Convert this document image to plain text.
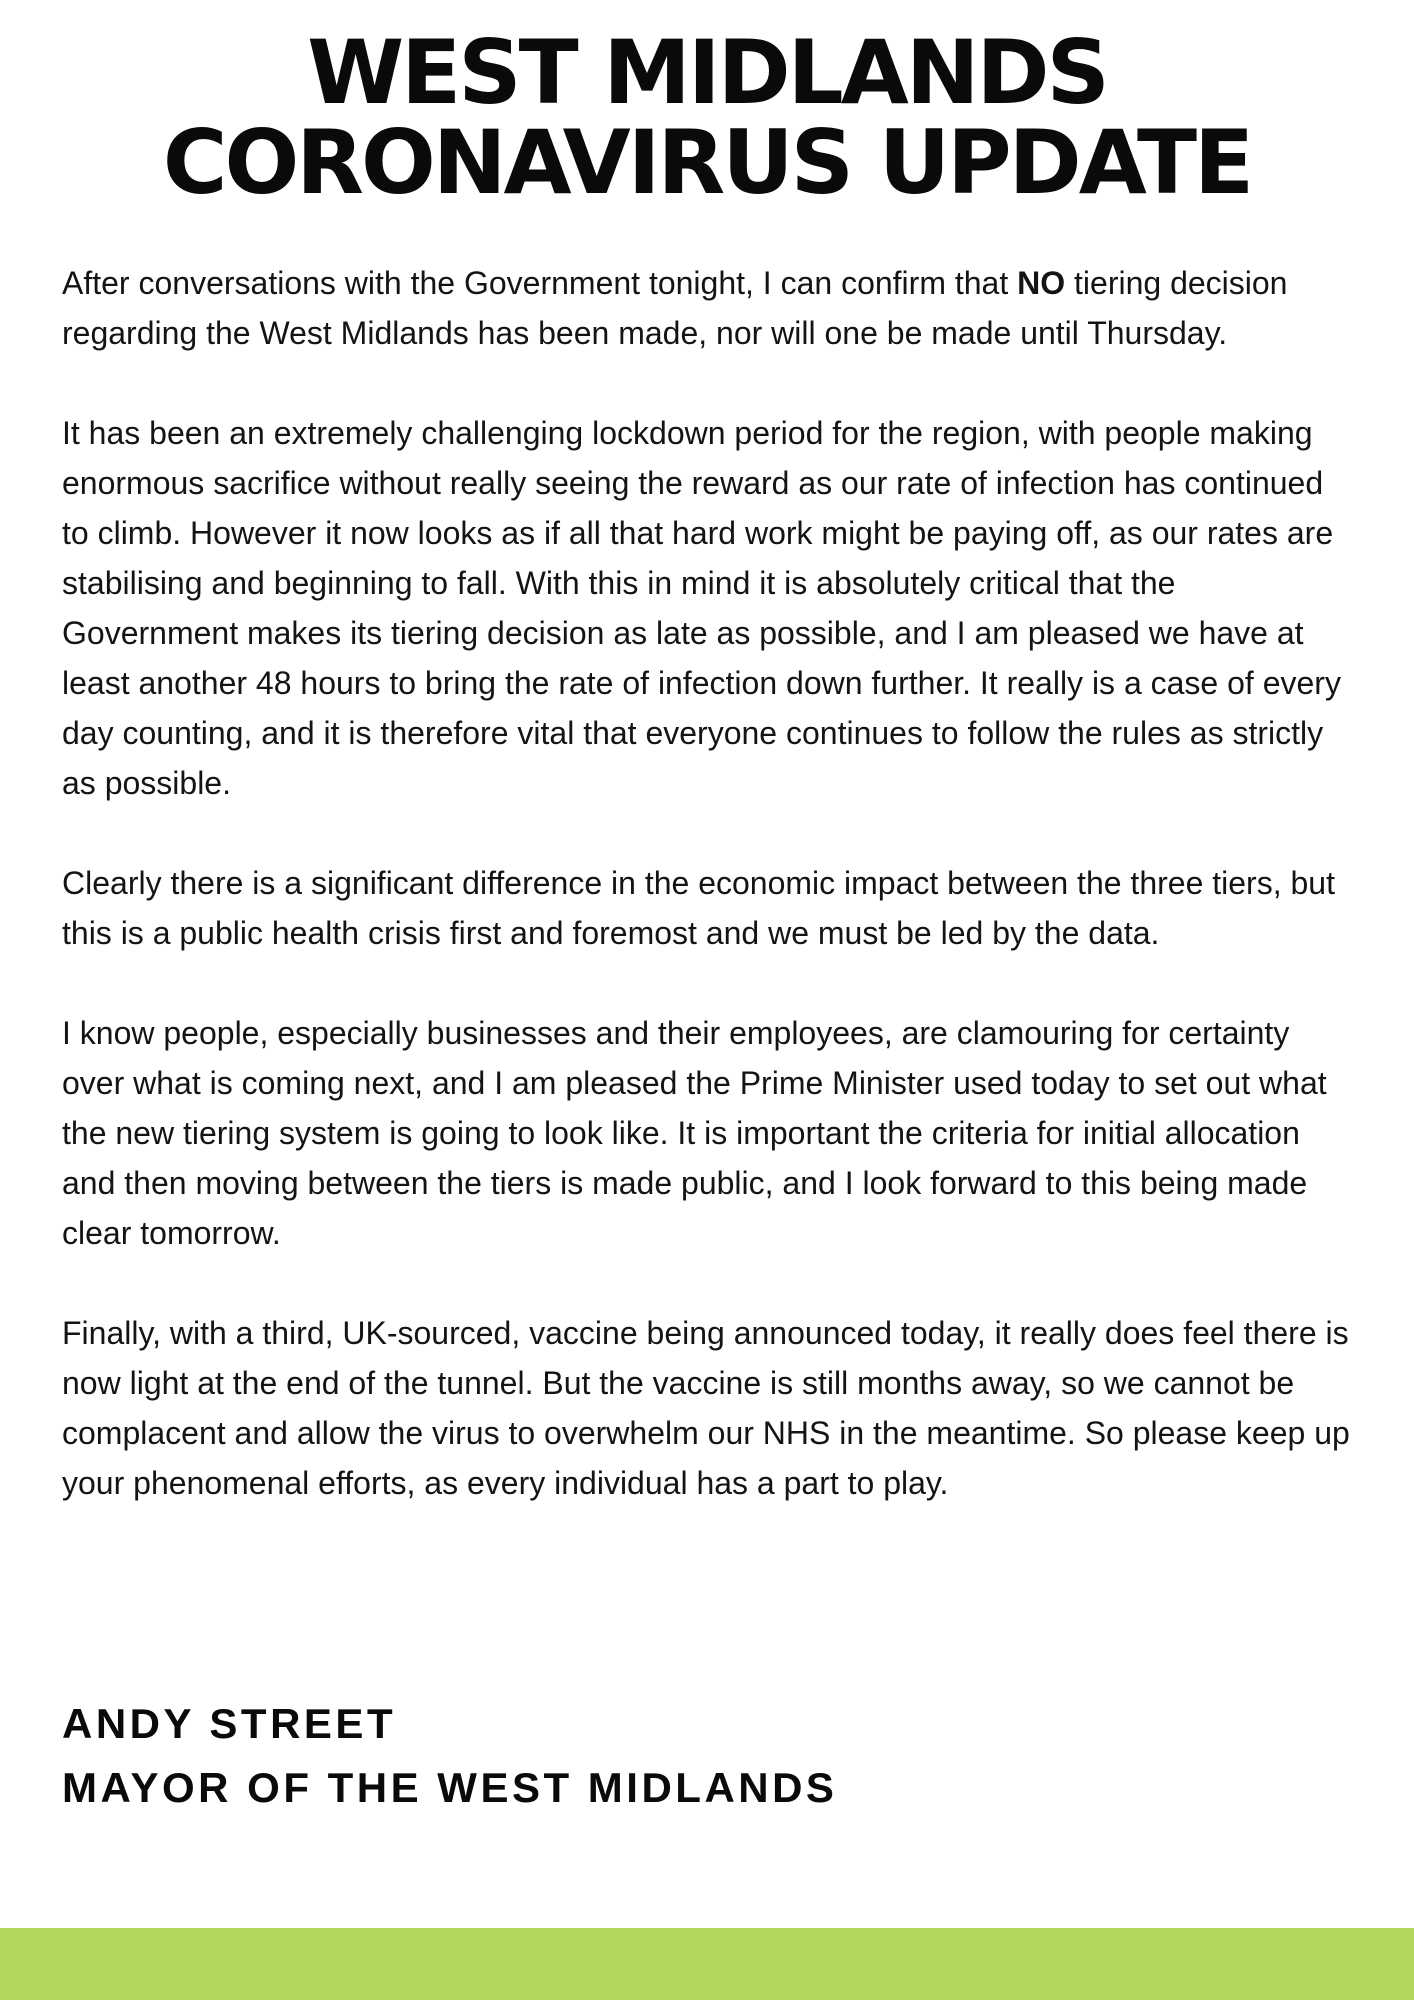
WEST MIDLANDS
CORONAVIRUS UPDATE

After conversations with the Government tonight, I can confirm that NO tiering decision regarding the West Midlands has been made, nor will one be made until Thursday.

It has been an extremely challenging lockdown period for the region, with people making enormous sacrifice without really seeing the reward as our rate of infection has continued to climb. However it now looks as if all that hard work might be paying off, as our rates are stabilising and beginning to fall. With this in mind it is absolutely critical that the Government makes its tiering decision as late as possible, and I am pleased we have at least another 48 hours to bring the rate of infection down further. It really is a case of every day counting, and it is therefore vital that everyone continues to follow the rules as strictly as possible.

Clearly there is a significant difference in the economic impact between the three tiers, but this is a public health crisis first and foremost and we must be led by the data.

I know people, especially businesses and their employees, are clamouring for certainty over what is coming next, and I am pleased the Prime Minister used today to set out what the new tiering system is going to look like. It is important the criteria for initial allocation and then moving between the tiers is made public, and I look forward to this being made clear tomorrow.

Finally, with a third, UK-sourced, vaccine being announced today, it really does feel there is now light at the end of the tunnel. But the vaccine is still months away, so we cannot be complacent and allow the virus to overwhelm our NHS in the meantime. So please keep up your phenomenal efforts, as every individual has a part to play.

ANDY STREET
MAYOR OF THE WEST MIDLANDS
